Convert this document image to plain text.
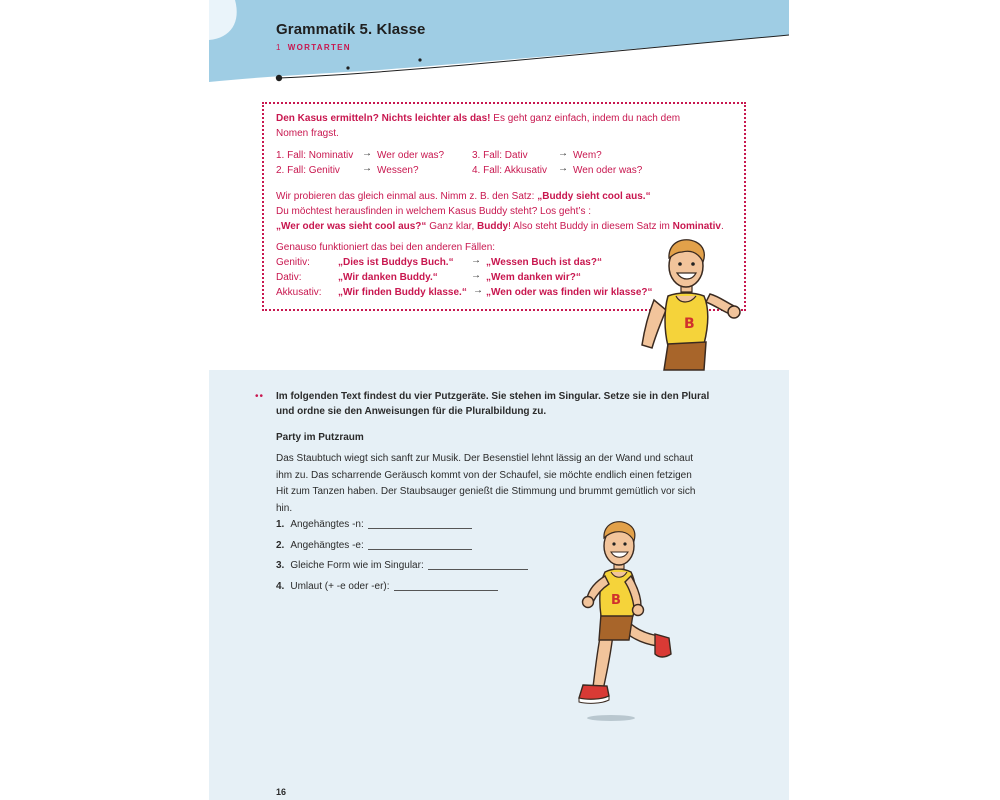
Grammatik 5. Klasse
1 WORTARTEN
Den Kasus ermitteln? Nichts leichter als das! Es geht ganz einfach, indem du nach dem
Nomen fragst.
1. Fall: Nominativ → Wer oder was?
2. Fall: Genitiv → Wessen?
3. Fall: Dativ	→ Wem?
4. Fall: Akkusativ → Wen oder was?
Wir probieren das gleich einmal aus. Nimm z. B. den Satz: „Buddy sieht cool aus.“
Du möchtest herausfinden in welchem Kasus Buddy steht? Los geht’s :
„Wer oder was sieht cool aus?“ Ganz klar, Buddy! Also steht Buddy in diesem Satz im Nominativ.
Genauso funktioniert das bei den anderen Fällen:
Genitiv:	„Dies ist Buddys Buch.“ → „Wessen Buch ist das?“
Dativ:	„Wir danken Buddy.“	→ „Wem danken wir?“
Akkusativ: „Wir finden Buddy klasse.“ → „Wen oder was finden wir klasse?“
B
•• Im folgenden Text findest du vier Putzgeräte. Sie stehen im Singular. Setze sie in den Plural
und ordne sie den Anweisungen für die Pluralbildung zu.
Party im Putzraum
Das Staubtuch wiegt sich sanft zur Musik. Der Besenstiel lehnt lässig an der Wand und schaut
ihm zu. Das scharrende Geräusch kommt von der Schaufel, sie möchte endlich einen fetzigen
Hit zum Tanzen haben. Der Staubsauger genießt die Stimmung und brummt gemütlich vor sich
hin.
1. Angehängtes -n:
2. Angehängtes -e:
3. Gleiche Form wie im Singular:
4. Umlaut (+ -e oder -er):
B
16
